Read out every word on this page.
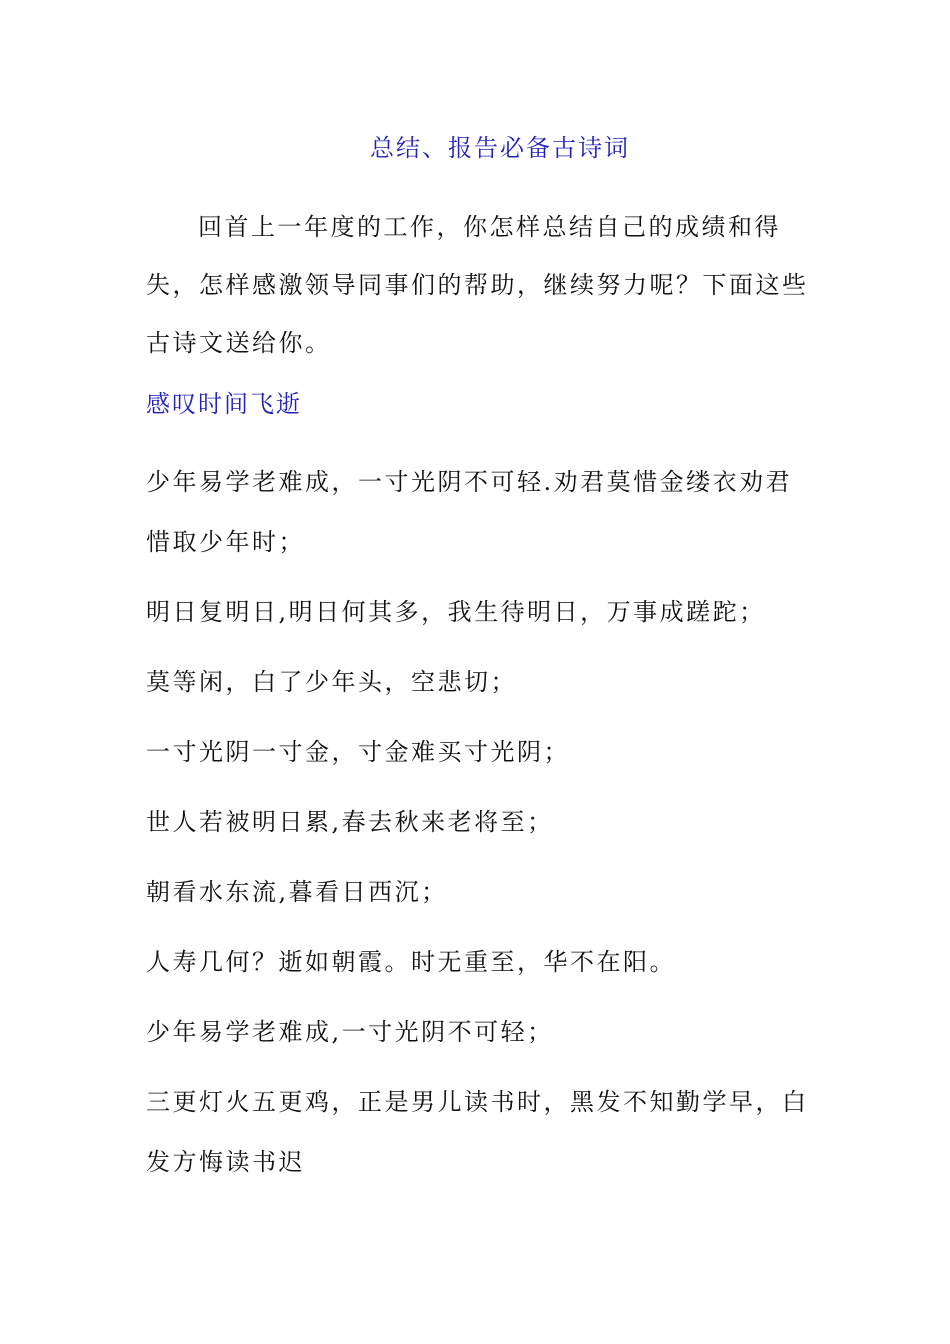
总结、报告必备古诗词

回首上一年度的工作，你怎样总结自己的成绩和得失，怎样感激领导同事们的帮助，继续努力呢？下面这些古诗文送给你。

感叹时间飞逝

少年易学老难成，一寸光阴不可轻.劝君莫惜金缕衣劝君惜取少年时；
明日复明日,明日何其多，我生待明日，万事成蹉跎；
莫等闲，白了少年头，空悲切；
一寸光阴一寸金，寸金难买寸光阴；
世人若被明日累,春去秋来老将至；
朝看水东流,暮看日西沉；
人寿几何？逝如朝霞。时无重至，华不在阳。
少年易学老难成,一寸光阴不可轻；
三更灯火五更鸡，正是男儿读书时，黑发不知勤学早，白发方悔读书迟
